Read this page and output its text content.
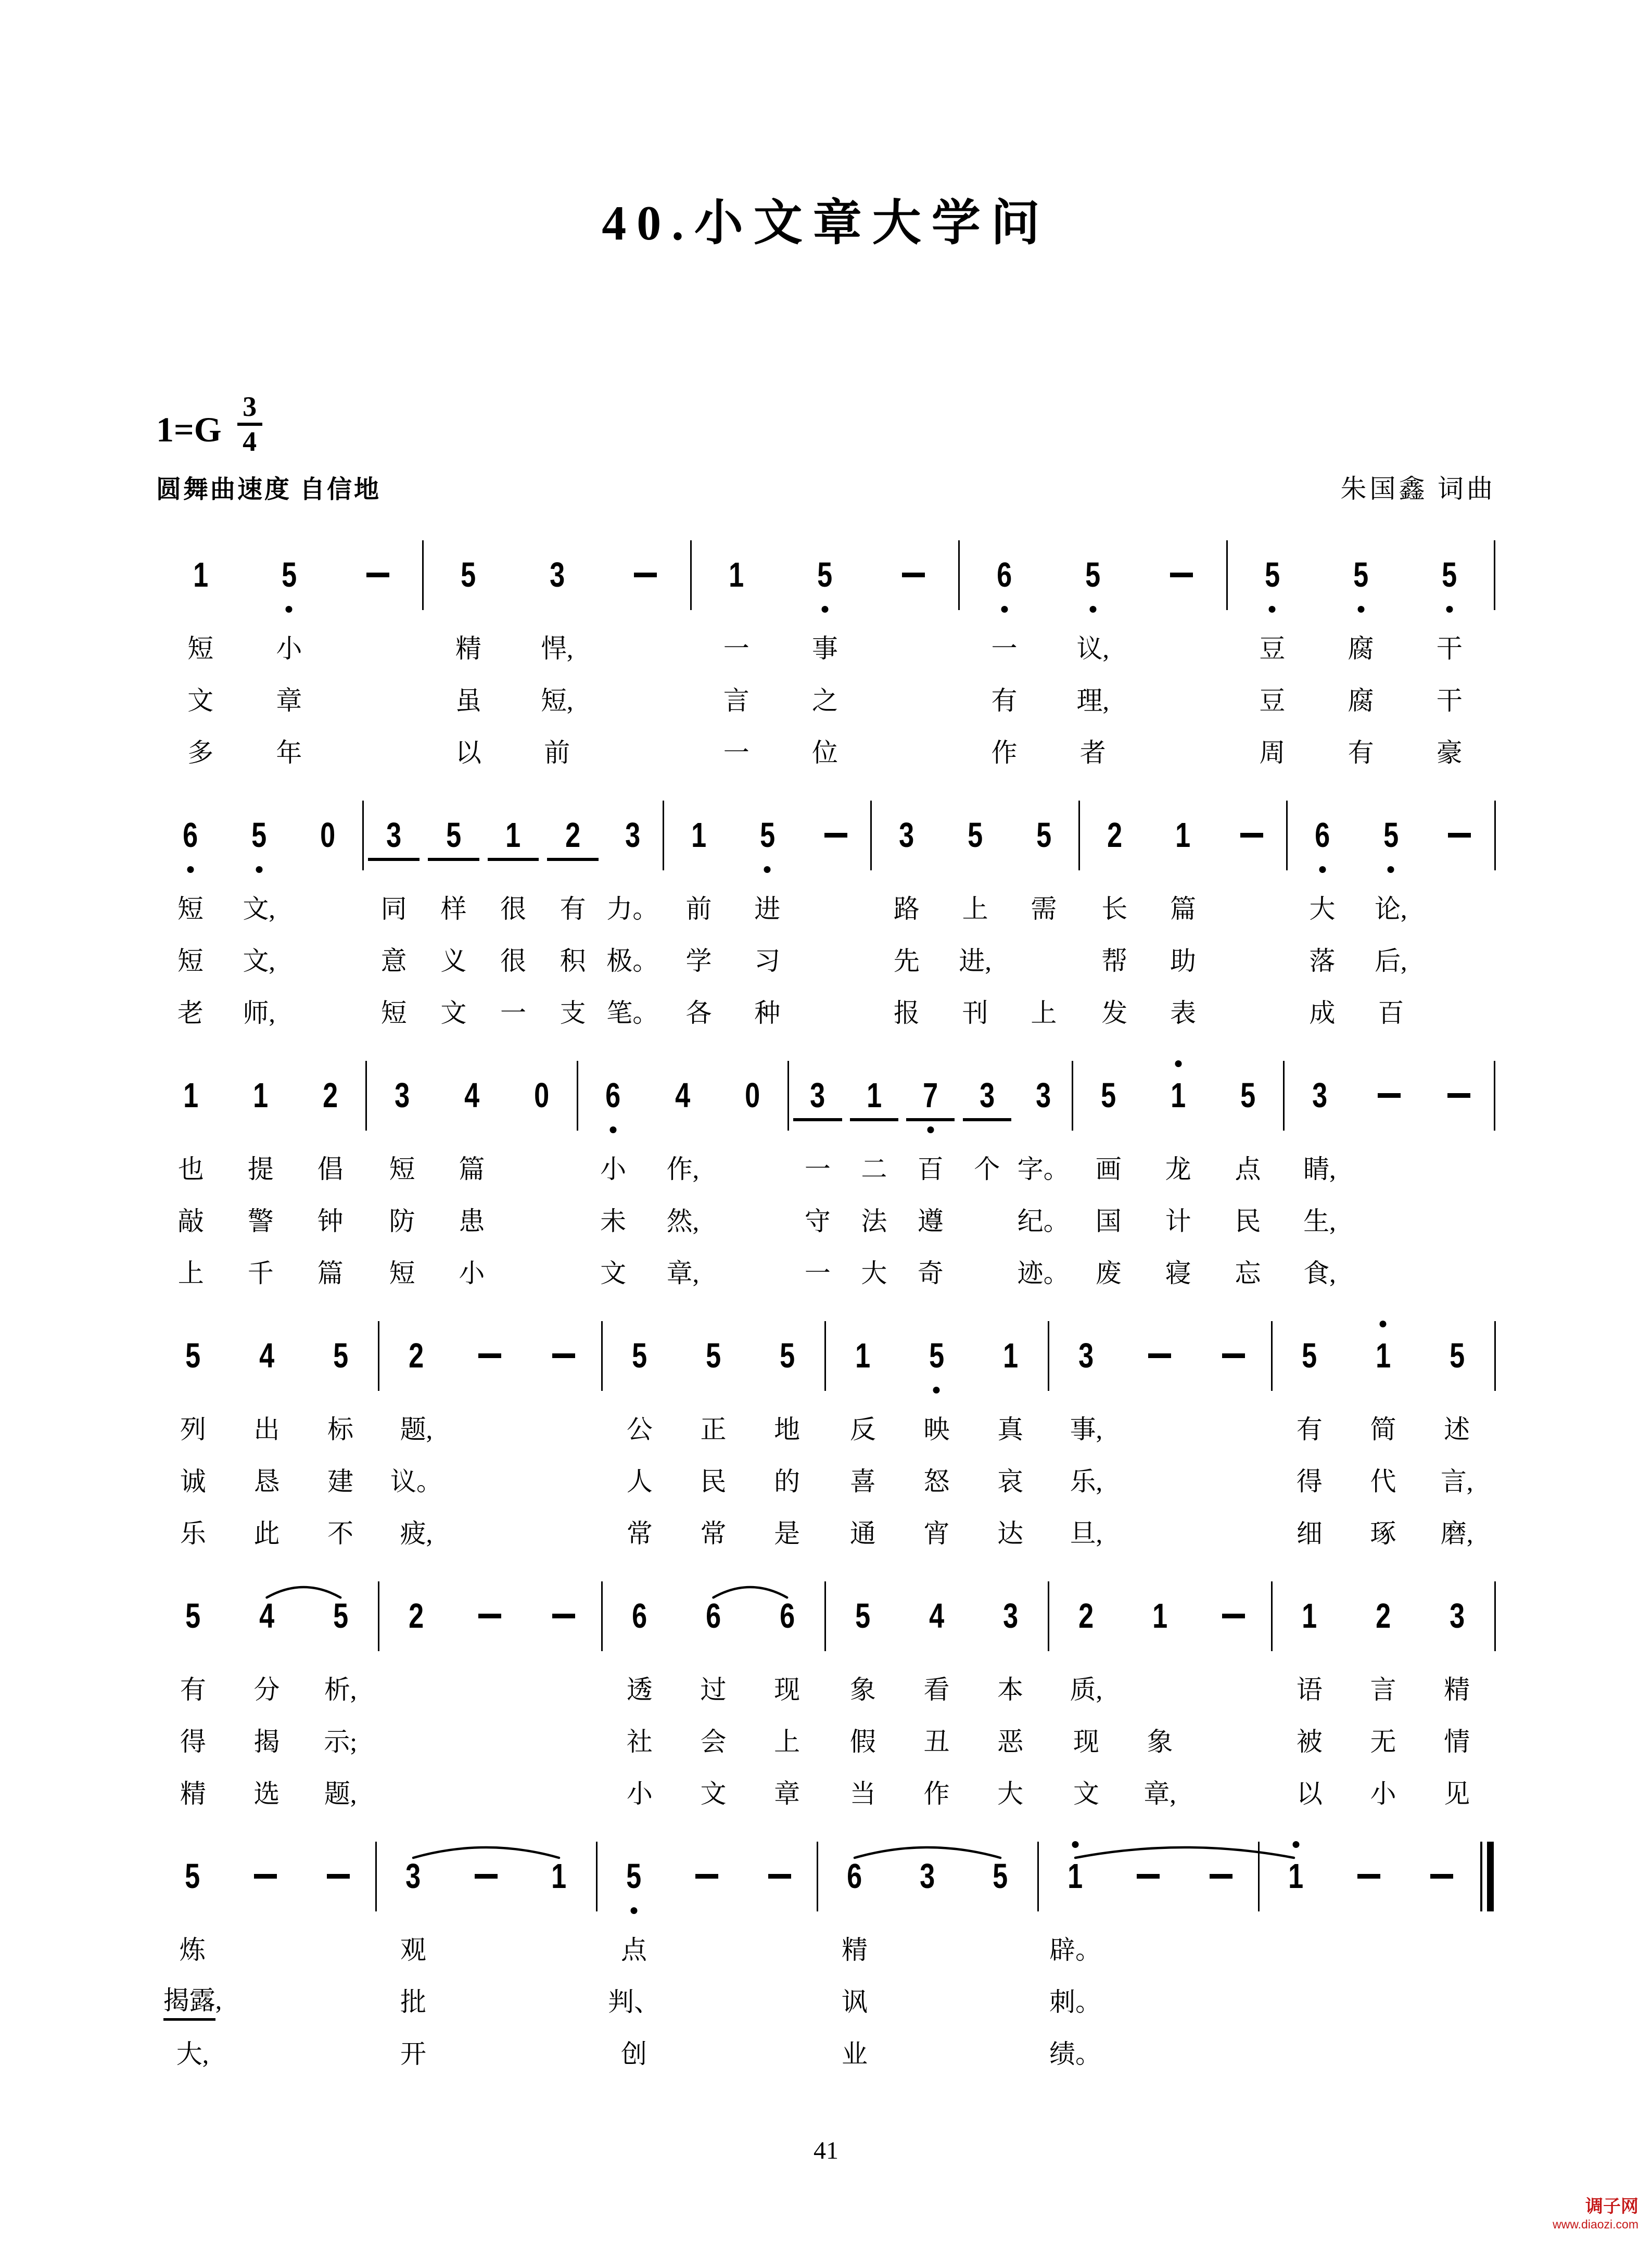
40.小文章大学问
1=G
3
4
圆舞曲速度 自信地	朱国鑫 词曲
1 5
短	小
文	章
多	年
5 3
精	悍,
虽	短,
以	前
1 5
一	事
言	之
一	位
6 5
一	议,
有	理,
作	者
5 5 5
豆	腐	干
豆	腐	干
周	有	豪
6 5 0
短	文,
短	文,
老	师,
3 5 1 2 3
同	样	很	有 力。
意	义	很	积 极。
短	文	一	支 笔。
1 5
前	进
学	习
各	种
3 5 5
路	上	需
先	进,
报	刊	上
2 1
长	篇
帮	助
发	表
6 5
大	论,
落	后,
成	百
1 1 2
也	提	倡
敲	警	钟
上	千	篇
3 4 0
短	篇
防	患
短	小
6 4 0
小	作,
未	然,
文	章,
3 1 7 3 3
一	二	百	个 字。
守	法	遵	纪。
一	大	奇	迹。
5 1 5
画	龙	点
国	计	民
废	寝	忘
3
睛,
生,
食,
5 4 5
列	出	标
诚	恳	建
乐	此	不
2
题,
议。
疲,
5 5 5
公	正	地
人	民	的
常	常	是
1 5 1
反	映	真
喜	怒	哀
通	宵	达
3
事,
乐,
旦,
5 1 5
有	简	述
得	代	言,
细	琢	磨,
5 4 5
有	分	析,
得	揭	示;
精	选	题,
2	6 6 6
透	过	现
社	会	上
小	文	章
5 4 3
象	看	本
假	丑	恶
当	作	大
2 1
质,
现	象
文	章,
1 2 3
语	言	精
被	无	情
以	小	见
5
炼
揭露 ,
大,
3	1
观
批
开
5
点
判、
创
6 3 5
精
讽
业
1
辟。
刺。
绩。
1
41
调子网
www.diaozi.com
